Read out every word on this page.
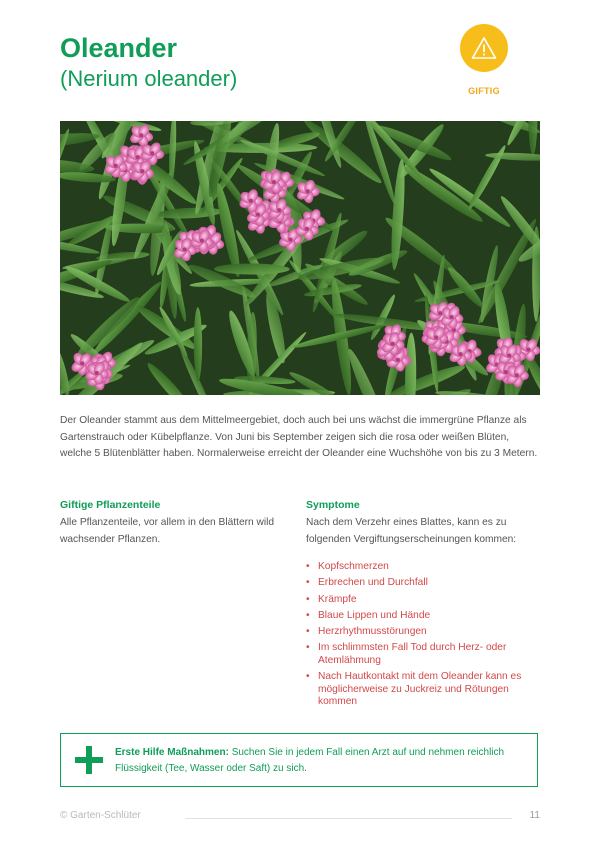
Oleander
(Nerium oleander)	GIFTIG

Der Oleander stammt aus dem Mittelmeergebiet, doch auch bei uns wächst die immergrüne Pflanze als Gartenstrauch oder Kübelpflanze. Von Juni bis September zeigen sich die rosa oder weißen Blüten, welche 5 Blütenblätter haben. Normalerweise erreicht der Oleander eine Wuchshöhe von bis zu 3 Metern.

Giftige Pflanzenteile

Alle Pflanzenteile, vor allem in den Blättern wild wachsender Pflanzen.

Symptome

Nach dem Verzehr eines Blattes, kann es zu folgenden Vergiftungserscheinungen kommen:

• Kopfschmerzen
• Erbrechen und Durchfall
• Krämpfe
• Blaue Lippen und Hände
• Herzrhythmusstörungen
• Im schlimmsten Fall Tod durch Herz- oder Atemlähmung
• Nach Hautkontakt mit dem Oleander kann es möglicherweise zu Juckreiz und Rötungen kommen

Erste Hilfe Maßnahmen: Suchen Sie in jedem Fall einen Arzt auf und nehmen reichlich Flüssigkeit (Tee, Wasser oder Saft) zu sich.

© Garten-Schlüter	11
